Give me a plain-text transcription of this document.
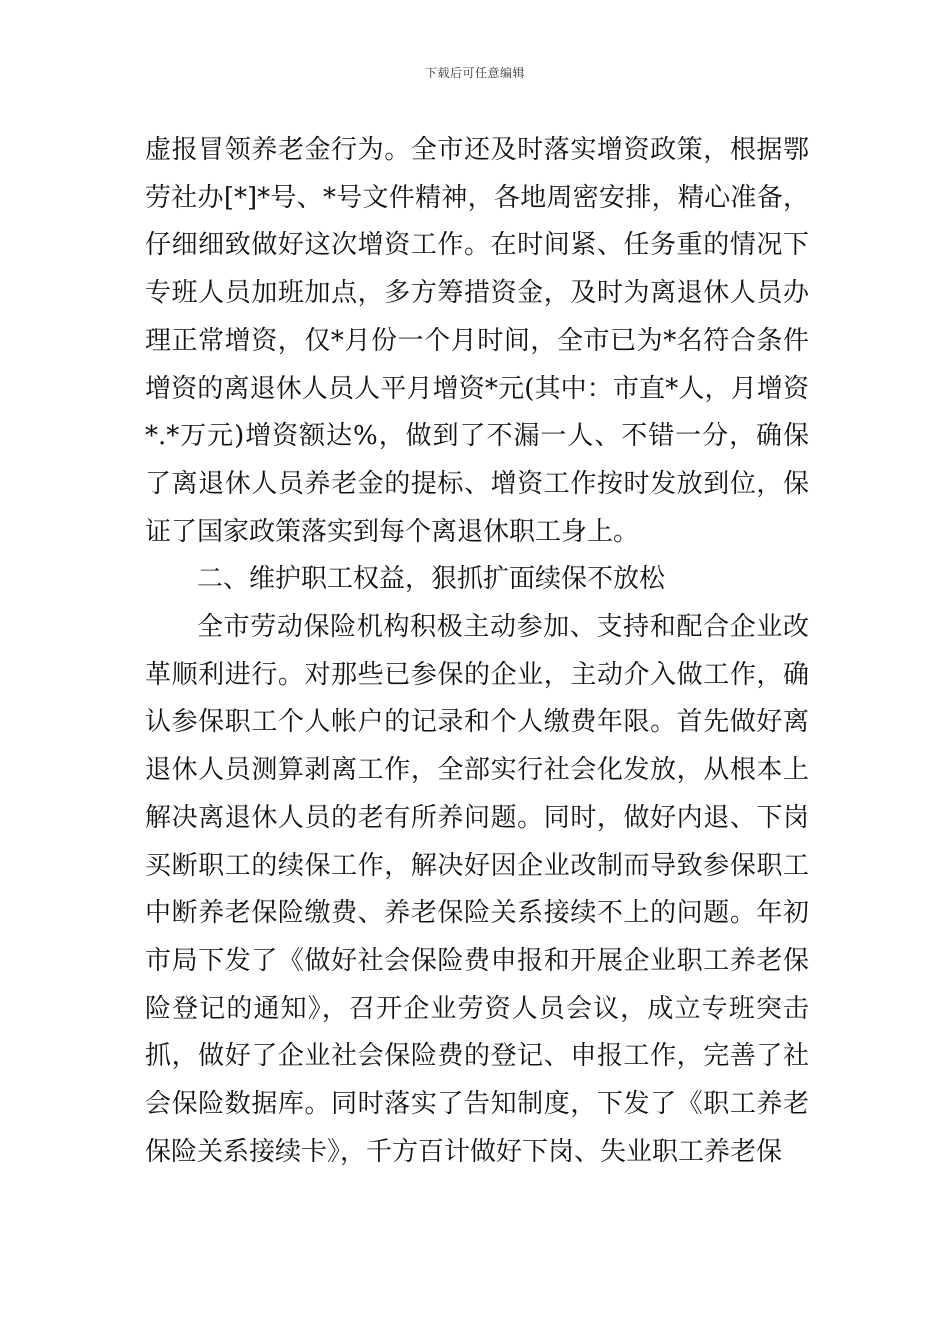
下载后可任意编辑

虚报冒领养老金行为。全市还及时落实增资政策，根据鄂劳社办[*]*号、*号文件精神，各地周密安排，精心准备，仔细细致做好这次增资工作。在时间紧、任务重的情况下专班人员加班加点，多方筹措资金，及时为离退休人员办理正常增资，仅*月份一个月时间，全市已为*名符合条件增资的离退休人员人平月增资*元(其中：市直*人，月增资*.*万元)增资额达%，做到了不漏一人、不错一分，确保了离退休人员养老金的提标、增资工作按时发放到位，保证了国家政策落实到每个离退休职工身上。

二、维护职工权益，狠抓扩面续保不放松

全市劳动保险机构积极主动参加、支持和配合企业改革顺利进行。对那些已参保的企业，主动介入做工作，确认参保职工个人帐户的记录和个人缴费年限。首先做好离退休人员测算剥离工作，全部实行社会化发放，从根本上解决离退休人员的老有所养问题。同时，做好内退、下岗买断职工的续保工作，解决好因企业改制而导致参保职工中断养老保险缴费、养老保险关系接续不上的问题。年初市局下发了《做好社会保险费申报和开展企业职工养老保险登记的通知》，召开企业劳资人员会议，成立专班突击抓，做好了企业社会保险费的登记、申报工作，完善了社会保险数据库。同时落实了告知制度，下发了《职工养老保险关系接续卡》，千方百计做好下岗、失业职工养老保
